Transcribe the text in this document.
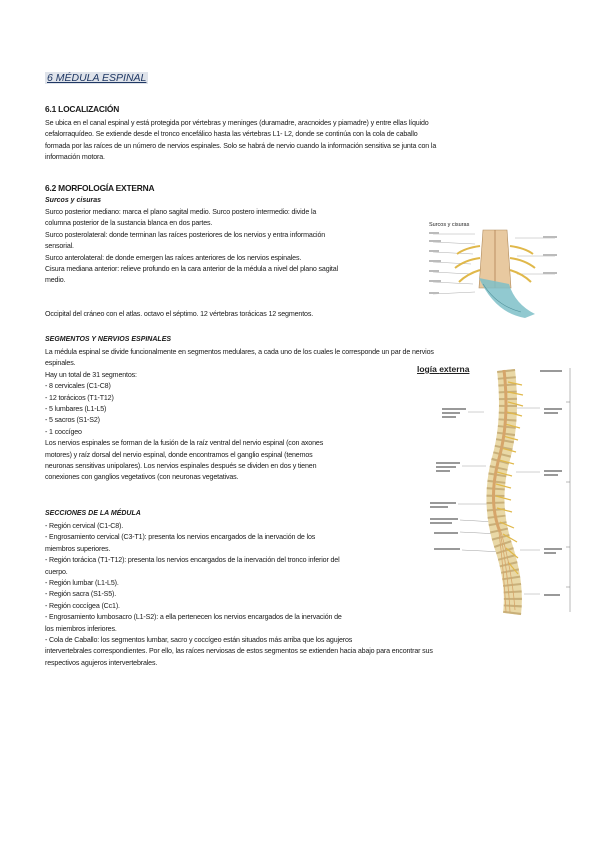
6 MÉDULA ESPINAL
6.1 LOCALIZACIÓN
Se ubica en el canal espinal y está protegida por vértebras y meninges (duramadre, aracnoides y piamadre) y entre ellas líquido
cefalorraquídeo. Se extiende desde el tronco encefálico hasta las vértebras L1- L2, donde se continúa con la cola de caballo
formada por las raíces de un número de nervios espinales. Solo se habrá de nervio cuando la información sensitiva se junta con la
información motora.
6.2 MORFOLOGÍA EXTERNA
Surcos y cisuras
Surco posterior mediano: marca el plano sagital medio. Surco postero intermedio: divide la
columna posterior de la sustancia blanca en dos partes.
Surco posterolateral: donde terminan las raíces posteriores de los nervios y entra información
sensorial.
Surco anterolateral: de donde emergen las raíces anteriores de los nervios espinales.
Cisura mediana anterior: relieve profundo en la cara anterior de la médula a nivel del plano sagital
medio.
Occipital del cráneo con el atlas. octavo el séptimo. 12 vértebras torácicas 12 segmentos.
SEGMENTOS Y NERVIOS ESPINALES
La médula espinal se divide funcionalmente en segmentos medulares, a cada uno de los cuales le corresponde un par de nervios
espinales.
Hay un total de 31 segmentos:
- 8 cervicales (C1-C8)
- 12 torácicos (T1-T12)
- 5 lumbares (L1-L5)
- 5 sacros (S1-S2)
- 1 coccígeo
Los nervios espinales se forman de la fusión de la raíz ventral del nervio espinal (con axones
motores) y raíz dorsal del nervio espinal, donde encontramos el ganglio espinal (tenemos
neuronas sensitivas unipolares). Los nervios espinales después se dividen en dos y tienen
conexiones con ganglios vegetativos (con neuronas vegetativas.
SECCIONES DE LA MÉDULA
- Región cervical (C1-C8).
- Engrosamiento cervical (C3-T1): presenta los nervios encargados de la inervación de los
miembros superiores.
- Región torácica (T1-T12): presenta los nervios encargados de la inervación del tronco inferior del
cuerpo.
- Región lumbar (L1-L5).
- Región sacra (S1-S5).
- Región coccígea (Cc1).
- Engrosamiento lumbosacro (L1-S2): a ella pertenecen los nervios encargados de la inervación de
los miembros inferiores.
- Cola de Caballo: los segmentos lumbar, sacro y coccígeo están situados más arriba que los agujeros
intervertebrales correspondientes. Por ello, las raíces nerviosas de estos segmentos se extienden hacia abajo para encontrar sus
respectivos agujeros intervertebrales.
Surcos y cisuras
logía externa
